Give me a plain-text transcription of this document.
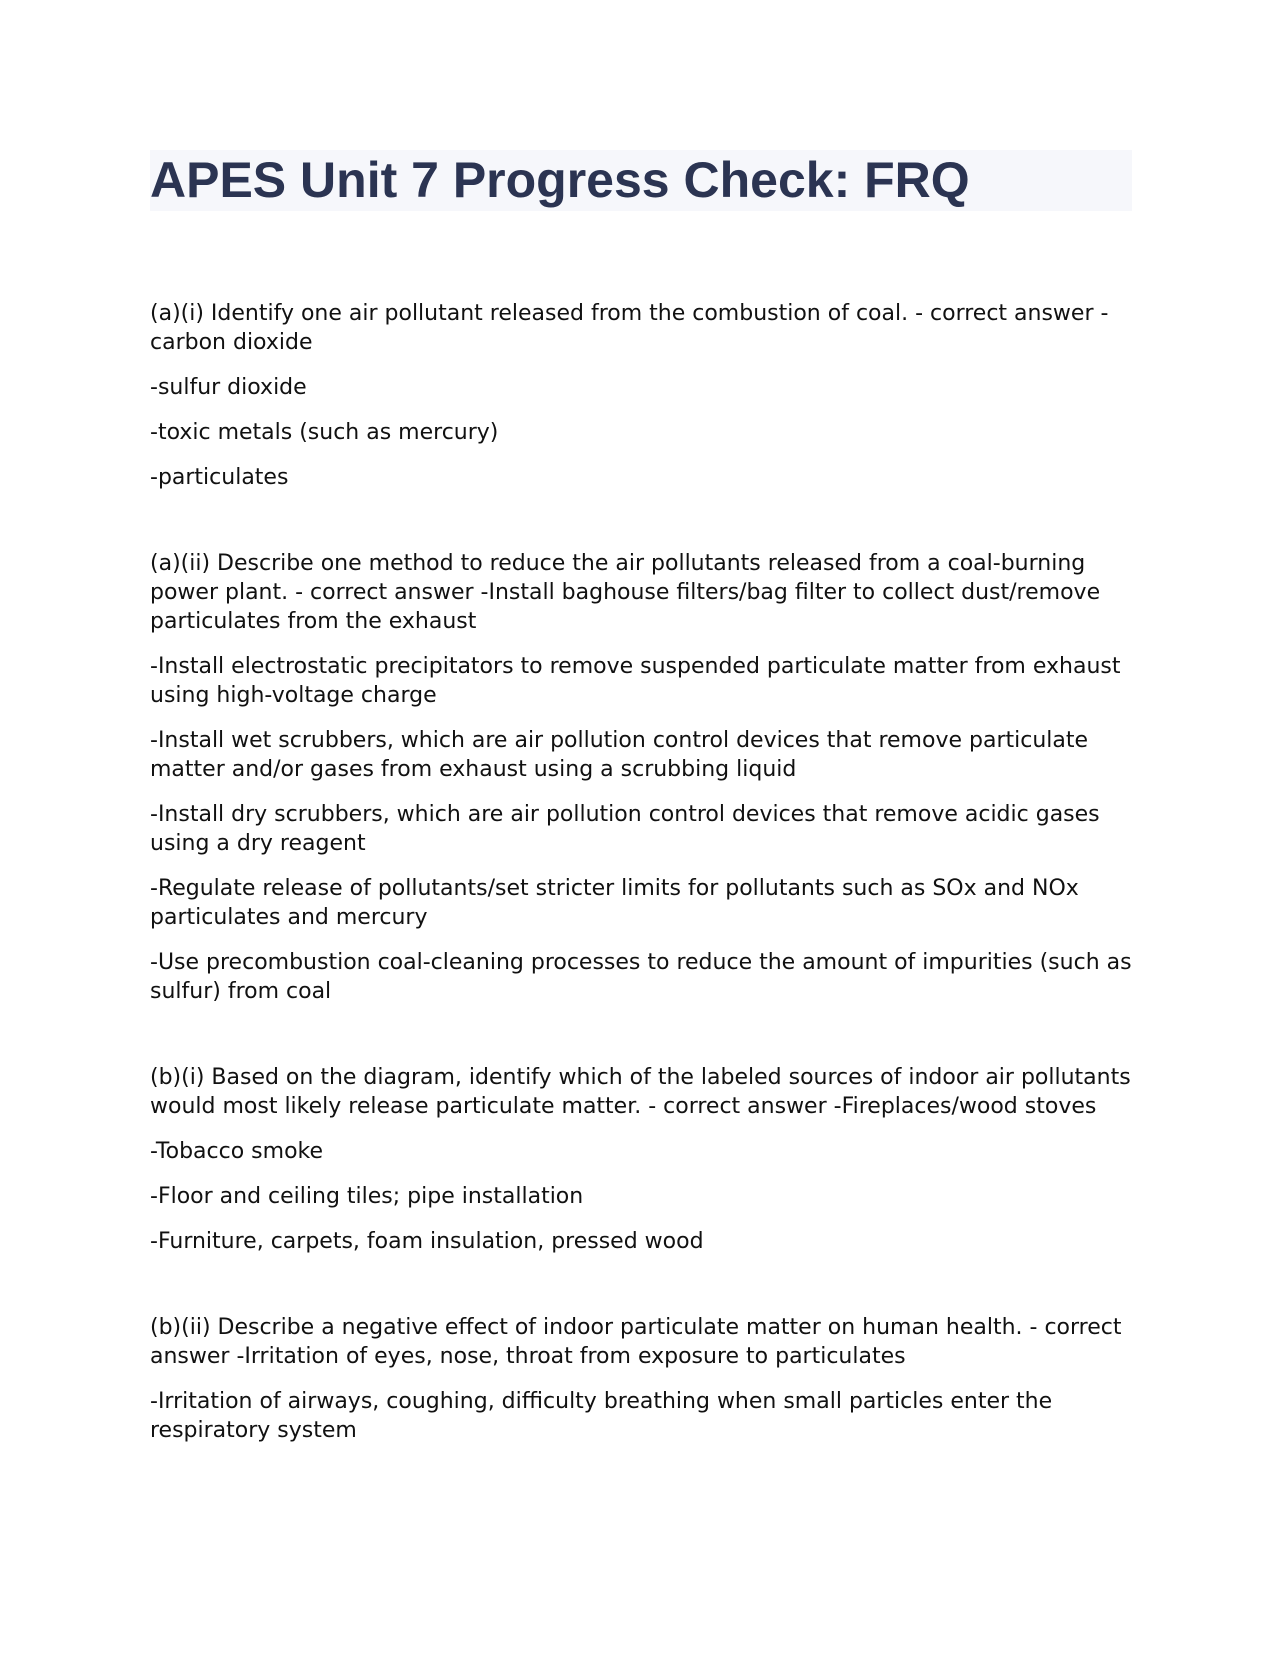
APES Unit 7 Progress Check: FRQ

(a)(i) Identify one air pollutant released from the combustion of coal. - correct answer -carbon dioxide

-sulfur dioxide

-toxic metals (such as mercury)

-particulates

(a)(ii) Describe one method to reduce the air pollutants released from a coal-burning power plant. - correct answer -Install baghouse filters/bag filter to collect dust/remove particulates from the exhaust

-Install electrostatic precipitators to remove suspended particulate matter from exhaust using high-voltage charge

-Install wet scrubbers, which are air pollution control devices that remove particulate matter and/or gases from exhaust using a scrubbing liquid

-Install dry scrubbers, which are air pollution control devices that remove acidic gases using a dry reagent

-Regulate release of pollutants/set stricter limits for pollutants such as SOx and NOx particulates and mercury

-Use precombustion coal-cleaning processes to reduce the amount of impurities (such as sulfur) from coal

(b)(i) Based on the diagram, identify which of the labeled sources of indoor air pollutants would most likely release particulate matter. - correct answer -Fireplaces/wood stoves

-Tobacco smoke

-Floor and ceiling tiles; pipe installation

-Furniture, carpets, foam insulation, pressed wood

(b)(ii) Describe a negative effect of indoor particulate matter on human health. - correct answer -Irritation of eyes, nose, throat from exposure to particulates

-Irritation of airways, coughing, difficulty breathing when small particles enter the respiratory system
